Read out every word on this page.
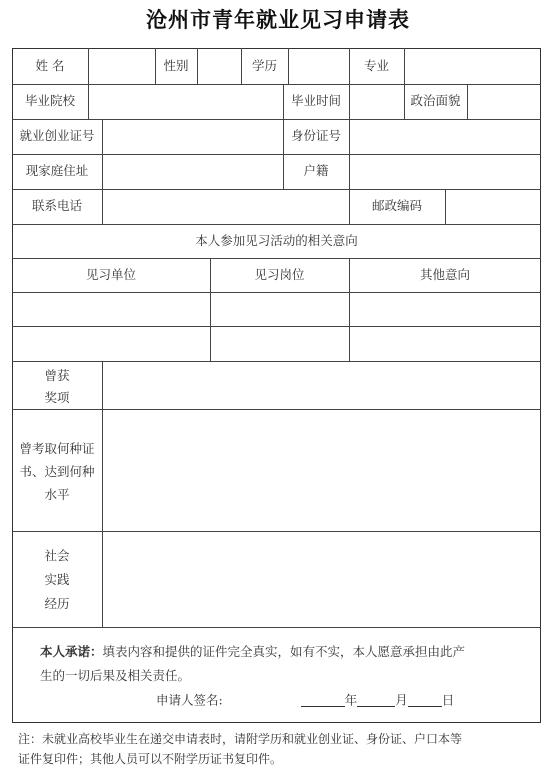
沧州市青年就业见习申请表
姓 名	性别	学历	专业
毕业院校	毕业时间	政治面貌
就业创业证号	身份证号
现家庭住址	户籍
联系电话	邮政编码
本人参加见习活动的相关意向
见习单位	见习岗位	其他意向
曾获
奖项
曾考取何种证
书、达到何种
水平
社会
实践
经历
本人承诺：填表内容和提供的证件完全真实，如有不实，本人愿意承担由此产
生的一切后果及相关责任。
申请人签名:	年	月	日
注：未就业高校毕业生在递交申请表时，请附学历和就业创业证、身份证、户口本等
证件复印件；其他人员可以不附学历证书复印件。
